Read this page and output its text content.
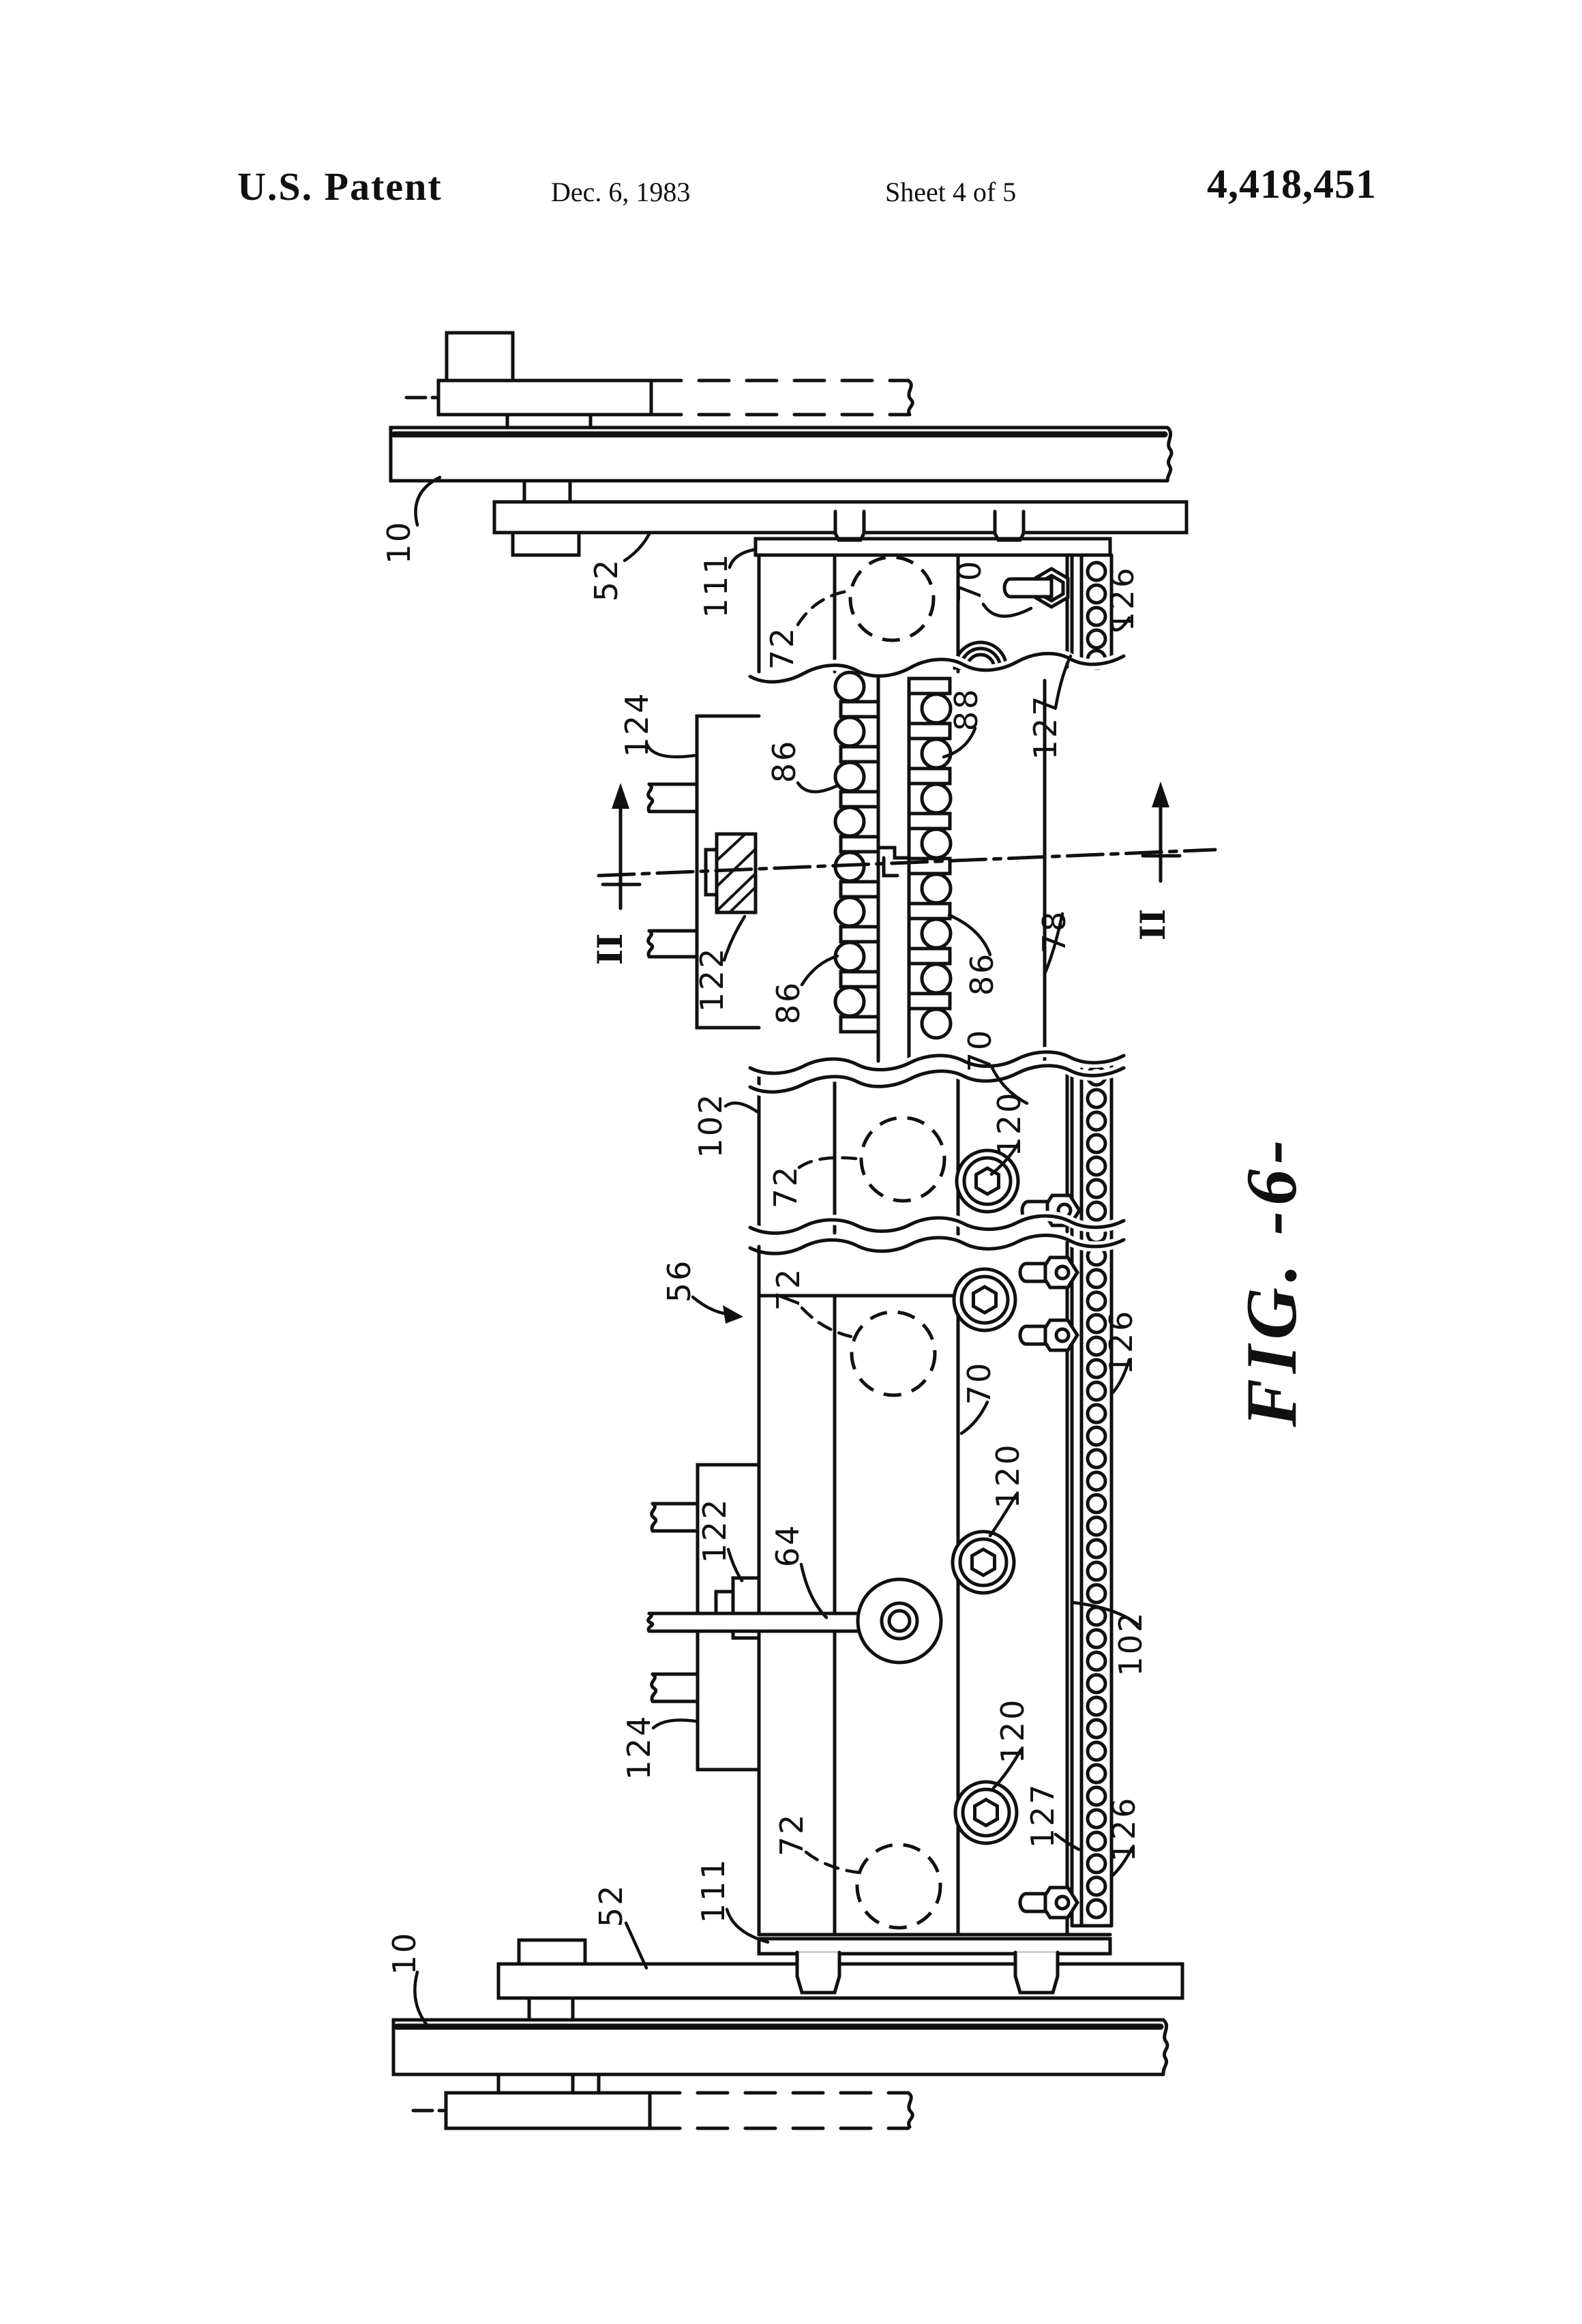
U.S. Patent	Dec. 6, 1983	Sheet 4 of 5	4,418,451
10
52 111
72
70	126
124
86
88 127
122 86
86
78
70
102	120
72
56 72
126
70
122 64
120
124
102
120
127 126
72
111
52
10
II
II
FIG. -6-
